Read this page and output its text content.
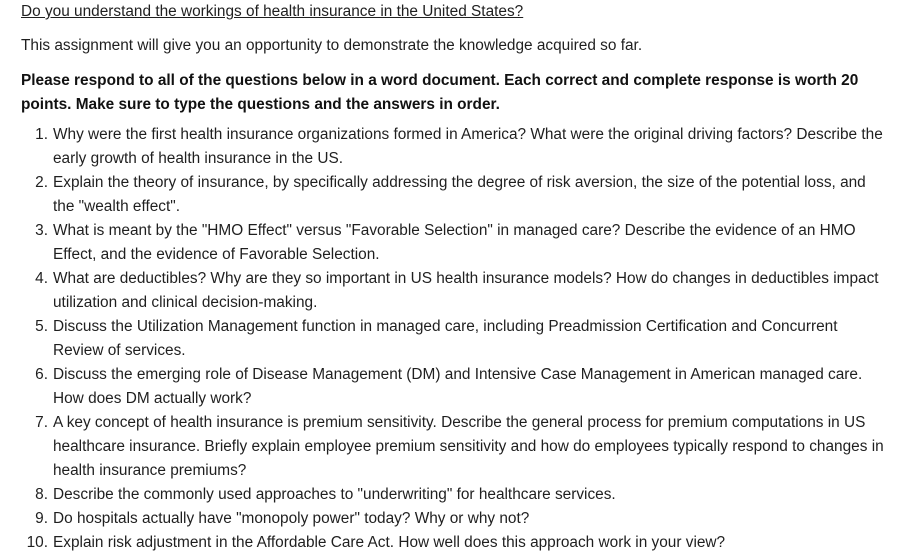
Do you understand the workings of health insurance in the United States?

This assignment will give you an opportunity to demonstrate the knowledge acquired so far.

Please respond to all of the questions below in a word document. Each correct and complete response is worth 20 points. Make sure to type the questions and the answers in order.

1. Why were the first health insurance organizations formed in America? What were the original driving factors? Describe the early growth of health insurance in the US.
2. Explain the theory of insurance, by specifically addressing the degree of risk aversion, the size of the potential loss, and the "wealth effect".
3. What is meant by the "HMO Effect" versus "Favorable Selection" in managed care? Describe the evidence of an HMO Effect, and the evidence of Favorable Selection.
4. What are deductibles? Why are they so important in US health insurance models? How do changes in deductibles impact utilization and clinical decision-making.
5. Discuss the Utilization Management function in managed care, including Preadmission Certification and Concurrent Review of services.
6. Discuss the emerging role of Disease Management (DM) and Intensive Case Management in American managed care. How does DM actually work?
7. A key concept of health insurance is premium sensitivity. Describe the general process for premium computations in US healthcare insurance. Briefly explain employee premium sensitivity and how do employees typically respond to changes in health insurance premiums?
8. Describe the commonly used approaches to "underwriting" for healthcare services.
9. Do hospitals actually have "monopoly power" today? Why or why not?
10. Explain risk adjustment in the Affordable Care Act. How well does this approach work in your view?
